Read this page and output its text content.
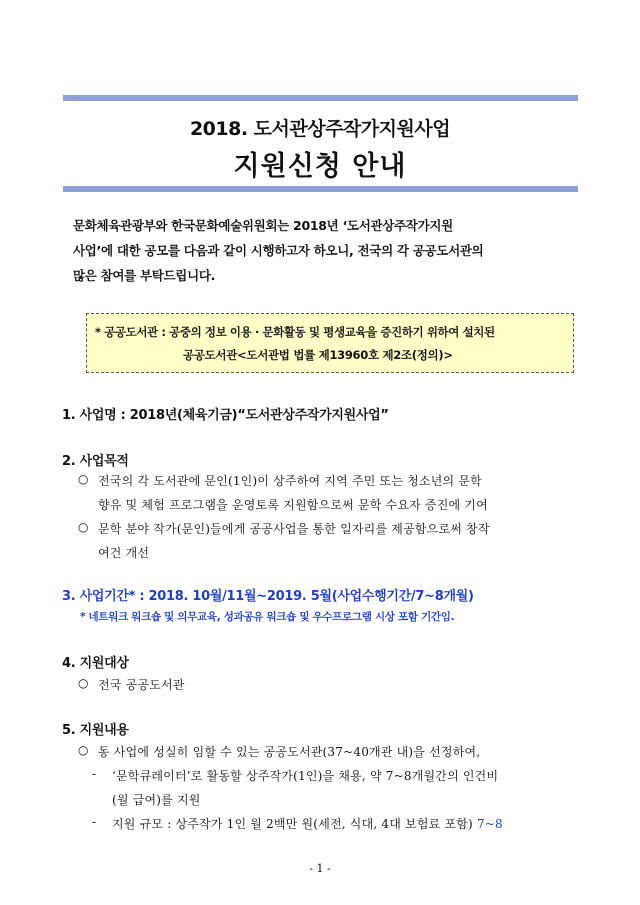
2018. 도서관상주작가지원사업
지원신청 안내
문화체육관광부와 한국문화예술위원회는 2018년 ‘도서관상주작가지원
사업’에 대한 공모를 다음과 같이 시행하고자 하오니, 전국의 각 공공도서관의
많은 참여를 부탁드립니다.
* 공공도서관 : 공중의 정보 이용 · 문화활동 및 평생교육을 증진하기 위하여 설치된
공공도서관<도서관법 법률 제13960호 제2조(정의)>
1. 사업명 : 2018년(체육기금)“도서관상주작가지원사업”
2. 사업목적
○ 전국의 각 도서관에 문인(1인)이 상주하여 지역 주민 또는 청소년의 문학
향유 및 체험 프로그램을 운영토록 지원함으로써 문학 수요자 증진에 기여
○ 문학 분야 작가(문인)들에게 공공사업을 통한 일자리를 제공함으로써 창작
여건 개선
3. 사업기간* : 2018. 10월/11월~2019. 5월(사업수행기간/7~8개월)
* 네트워크 워크숍 및 의무교육, 성과공유 워크숍 및 우수프로그램 시상 포함 기간임.
4. 지원대상
○ 전국 공공도서관
5. 지원내용
○ 동 사업에 성실히 임할 수 있는 공공도서관(37~40개관 내)을 선정하여,
- ‘문학큐레이터’로 활동할 상주작가(1인)을 채용, 약 7~8개월간의 인건비
(월 급여)를 지원
- 지원 규모 : 상주작가 1인 월 2백만 원(세전, 식대, 4대 보험료 포함) 7~8
- 1 -
